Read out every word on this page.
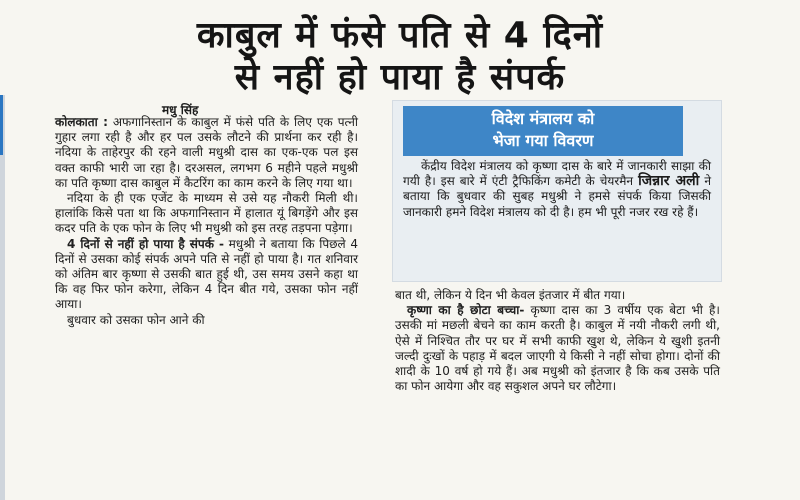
काबुल में फंसे पति से 4 दिनों
से नहीं हो पाया है संपर्क
मधु सिंह

कोलकाता : अफगानिस्तान के काबुल में फंसे पति के लिए एक पत्नी गुहार लगा रही है और हर पल उसके लौटने की प्रार्थना कर रही है। नदिया के ताहेरपुर की रहने वाली मधुश्री दास का एक-एक पल इस वक्त काफी भारी जा रहा है। दरअसल, लगभग 6 महीने पहले मधुश्री का पति कृष्णा दास काबुल में कैटरिंग का काम करने के लिए गया था।

नदिया के ही एक एजेंट के माध्यम से उसे यह नौकरी मिली थी। हालांकि किसे पता था कि अफगानिस्तान में हालात यूं बिगड़ेंगे और इस कदर पति के एक फोन के लिए भी मधुश्री को इस तरह तड़पना पड़ेगा।

4 दिनों से नहीं हो पाया है संपर्क - मधुश्री ने बताया कि पिछले 4 दिनों से उसका कोई संपर्क अपने पति से नहीं हो पाया है। गत शनिवार को अंतिम बार कृष्णा से उसकी बात हुई थी, उस समय उसने कहा था कि वह फिर फोन करेगा, लेकिन 4 दिन बीत गये, उसका फोन नहीं आया।

बुधवार को उसका फोन आने की

विदेश मंत्रालय को
भेजा गया विवरण

केंद्रीय विदेश मंत्रालय को कृष्णा दास के बारे में जानकारी साझा की गयी है। इस बारे में एंटी ट्रैफिकिंग कमेटी के चेयरमैन जिन्नार अली ने बताया कि बुधवार की सुबह मधुश्री ने हमसे संपर्क किया जिसकी जानकारी हमने विदेश मंत्रालय को दी है। हम भी पूरी नजर रख रहे हैं।

बात थी, लेकिन ये दिन भी केवल इंतजार में बीत गया।

कृष्णा का है छोटा बच्चा- कृष्णा दास का 3 वर्षीय एक बेटा भी है। उसकी मां मछली बेचने का काम करती है। काबुल में नयी नौकरी लगी थी, ऐसे में निश्चित तौर पर घर में सभी काफी खुश थे, लेकिन ये खुशी इतनी जल्दी दुःखों के पहाड़ में बदल जाएगी ये किसी ने नहीं सोचा होगा। दोनों की शादी के 10 वर्ष हो गये हैं। अब मधुश्री को इंतजार है कि कब उसके पति का फोन आयेगा और वह सकुशल अपने घर लौटेगा।
